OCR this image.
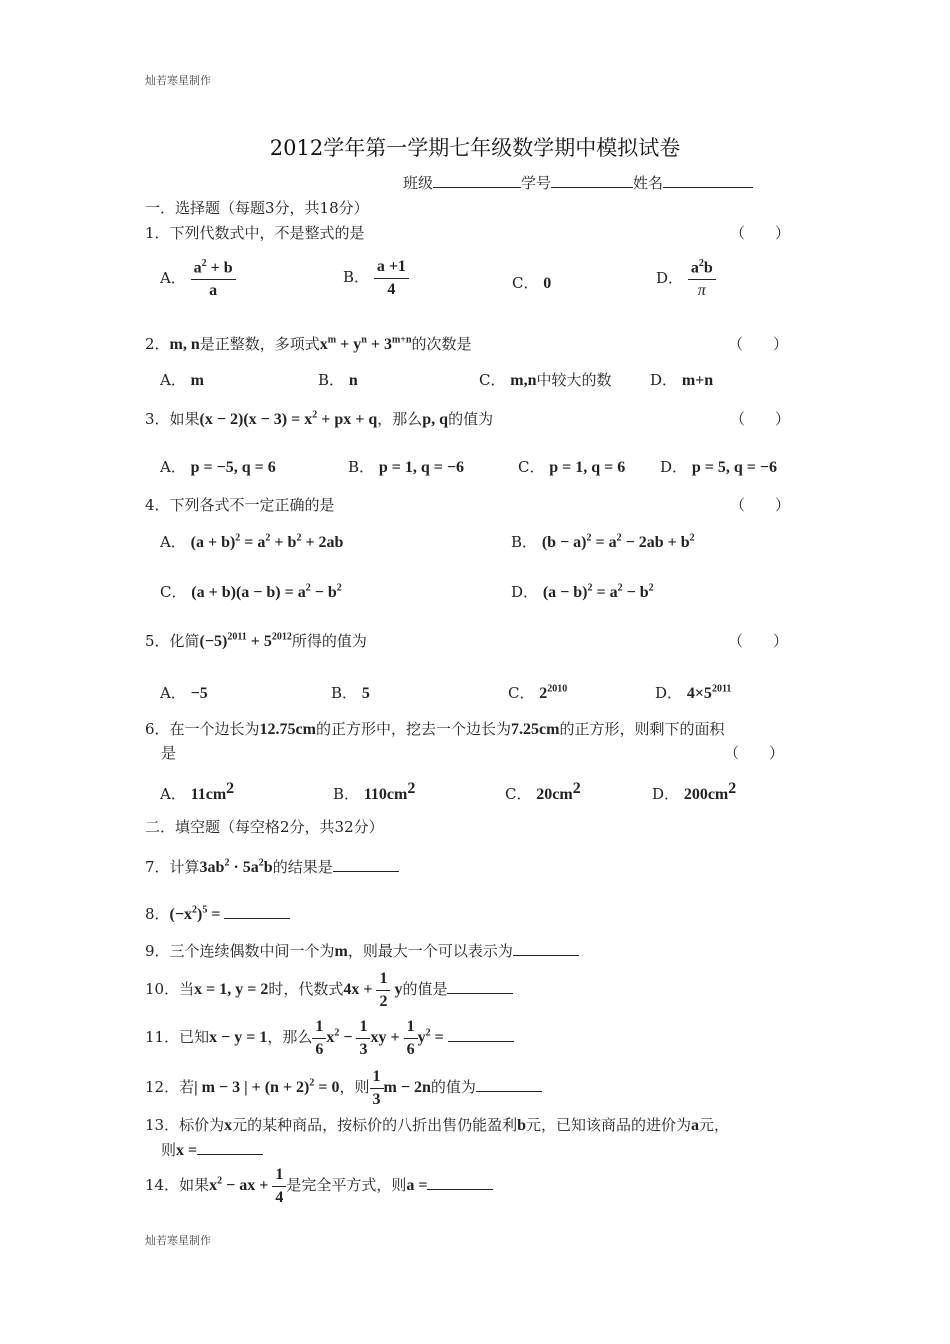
灿若寒星制作
2012学年第一学期七年级数学期中模拟试卷
班级	学号	姓名
一．选择题（每题3分，共18分）
1．下列代数式中，不是整式的是	（　　）
A． $\frac{a^2 + b}{a}$	B． $\frac{a +1}{4}$	C． 0	D． $\frac{a^2b}{\pi}$
2．m, n是正整数，多项式$x^m + y^n + 3^{m+n}$的次数是	（　　）
A． m	B． n	C． m,n中较大的数	D． m+n
3．如果$(x - 2)(x - 3) = x^2$ + px + q，那么p, q的值为	（　　）
A． p = −5, q = 6	B． p = 1, q = −6	C． p = 1, q = 6 D． p = 5, q = −6
4．下列各式不一定正确的是	（　　）
A． $(a + b)^2 = a^2 + b^2 + 2ab$	B． $(b - a)^2 = a^2 - 2ab + b^2$
C． $(a + b)(a - b) = a^2 - b^2$	D． $(a - b)^2 = a^2 - b^2$
5．化简$(-5)^{2011} + 5^{2012}$所得的值为	（　　）
A． −5	B． 5	C． $2^{2010}$	D． $4\times 5^{2011}$
6．在一个边长为12.75cm的正方形中，挖去一个边长为7.25cm的正方形，则剩下的面积
是	（　　）
A． $11cm^2$	B． $110cm^2$	C． $20cm^2$	D． $200cm^2$
二．填空题（每空格2分，共32分）
7．计算$3ab^2 \cdot 5a^2b$的结果是
8．$(-x^2)^5$ =
9．三个连续偶数中间一个为m，则最大一个可以表示为
10．当x = 1, y = 2时，代数式$4x + \frac{1}{2}$ y的值是
11．已知x − y = 1，那么 $\frac{1}{6} x^2 - \frac{1}{3}$ xy + $\frac{1}{6} y^2$ =
12．若| m − 3 | + $(n + 2)^2 = 0$，则 $\frac{1}{3}$ m − 2n的值为
13．标价为x元的某种商品，按标价的八折出售仍能盈利b元，已知该商品的进价为a元，
则x =
14．如果$x^2$ − ax + $\frac{1}{4}$ 是完全平方式，则a =
灿若寒星制作
